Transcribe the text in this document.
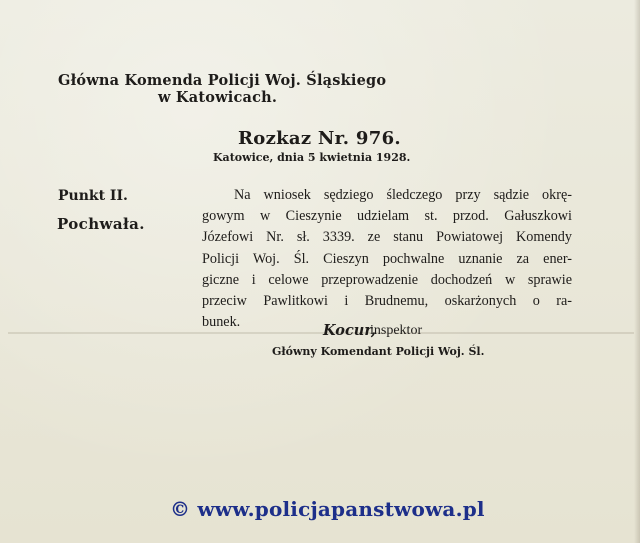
Główna Komenda Policji Woj. Śląskiego
w Katowicach.
Rozkaz Nr. 976.
Katowice, dnia 5 kwietnia 1928.
Punkt II.
Pochwała.
Na wniosek sędziego śledczego przy sądzie okrę-
gowym w Cieszynie udzielam st. przod. Gałuszkowi
Józefowi Nr. sł. 3339. ze stanu Powiatowej Komendy
Policji Woj. Śl. Cieszyn pochwalne uznanie za ener-
giczne i celowe przeprowadzenie dochodzeń w sprawie
przeciw Pawlitkowi i Brudnemu, oskarżonych o ra-
bunek.	Kocur,
inspektor
Główny Komendant Policji Woj. Śl.
© www.policjapanstwowa.pl
